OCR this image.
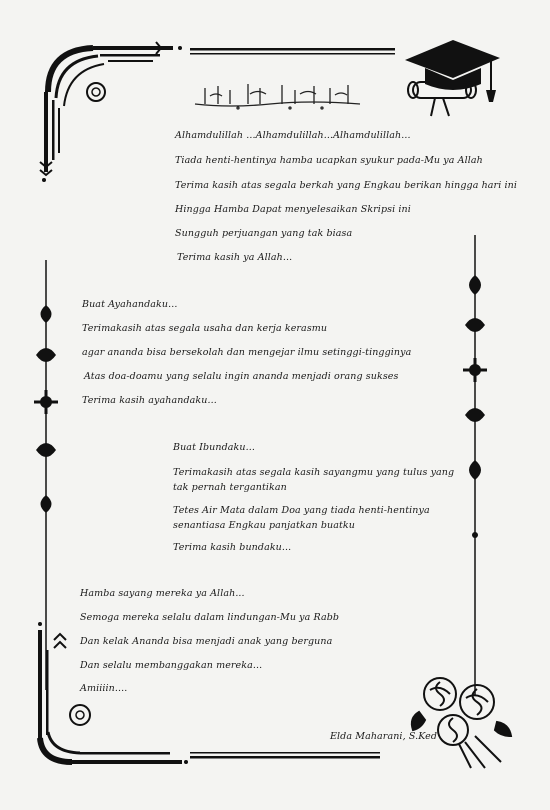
Alhamdulillah ...Alhamdulillah...Alhamdulillah...
Tiada henti-hentinya hamba ucapkan syukur pada-Mu ya Allah
Terima kasih atas segala berkah yang Engkau berikan hingga hari ini
Hingga Hamba Dapat menyelesaikan Skripsi ini
Sungguh perjuangan yang tak biasa
Terima kasih ya Allah...
Buat Ayahandaku...
Terimakasih atas segala usaha dan kerja kerasmu
agar ananda bisa bersekolah dan mengejar ilmu setinggi-tingginya
Atas doa-doamu yang selalu ingin ananda menjadi orang sukses
Terima kasih ayahandaku...
Buat Ibundaku...
Terimakasih atas segala kasih sayangmu yang tulus yang tak pernah tergantikan
Tetes Air Mata dalam Doa yang tiada henti-hentinya senantiasa Engkau panjatkan buatku
Terima kasih bundaku...
Hamba sayang mereka ya Allah...
Semoga mereka selalu dalam lindungan-Mu ya Rabb
Dan kelak Ananda bisa menjadi anak yang berguna
Dan selalu membanggakan mereka...
Amiiiin....
Elda Maharani, S.Ked
